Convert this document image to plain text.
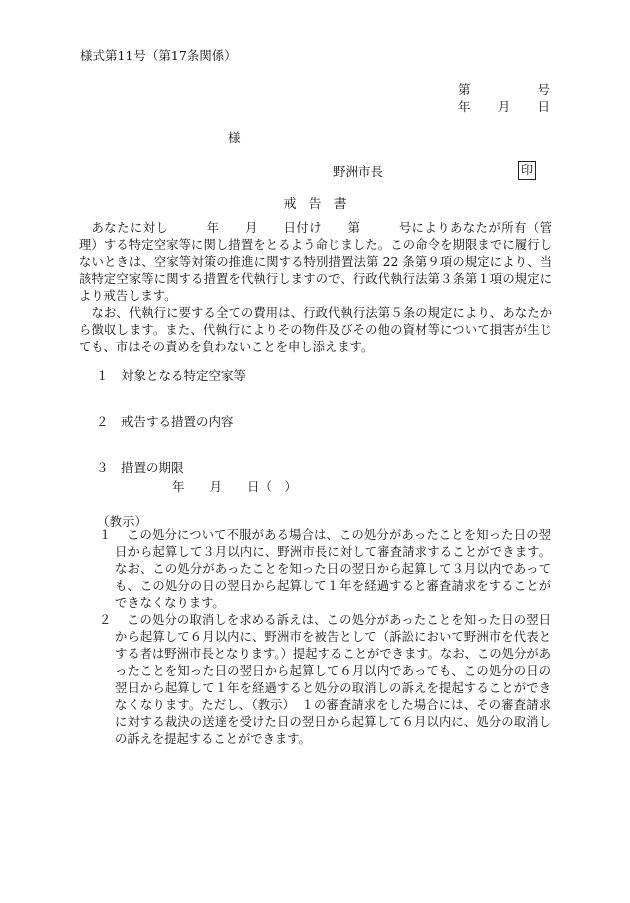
様式第11号（第17条関係）
第	号
年 月 日
様
野洲市長	印
戒告書

あなたに対し　　　年　　月　　日付け　　第　　　号によりあなたが所有（管理）する特定空家等に関し措置をとるよう命じました。この命令を期限までに履行しないときは、空家等対策の推進に関する特別措置法第 22 条第９項の規定により、当該特定空家等に関する措置を代執行しますので、行政代執行法第３条第１項の規定により戒告します。

なお、代執行に要する全ての費用は、行政代執行法第５条の規定により、あなたから徴収します。また、代執行によりその物件及びその他の資材等について損害が生じても、市はその責めを負わないことを申し添えます。

１　対象となる特定空家等
２　戒告する措置の内容
３　措置の期限
年　　月　　日（　）
（教示）
１	この処分について不服がある場合は、この処分があったことを知った日の翌日から起算して３月以内に、野洲市長に対して審査請求することができます。なお、この処分があったことを知った日の翌日から起算して３月以内であっても、この処分の日の翌日から起算して１年を経過すると審査請求をすることができなくなります。
２	この処分の取消しを求める訴えは、この処分があったことを知った日の翌日から起算して６月以内に、野洲市を被告として（訴訟において野洲市を代表とする者は野洲市長となります。）提起することができます。なお、この処分があったことを知った日の翌日から起算して６月以内であっても、この処分の日の翌日から起算して１年を経過すると処分の取消しの訴えを提起することができなくなります。ただし、（教示）　１の審査請求をした場合には、その審査請求に対する裁決の送達を受けた日の翌日から起算して６月以内に、処分の取消しの訴えを提起することができます。
